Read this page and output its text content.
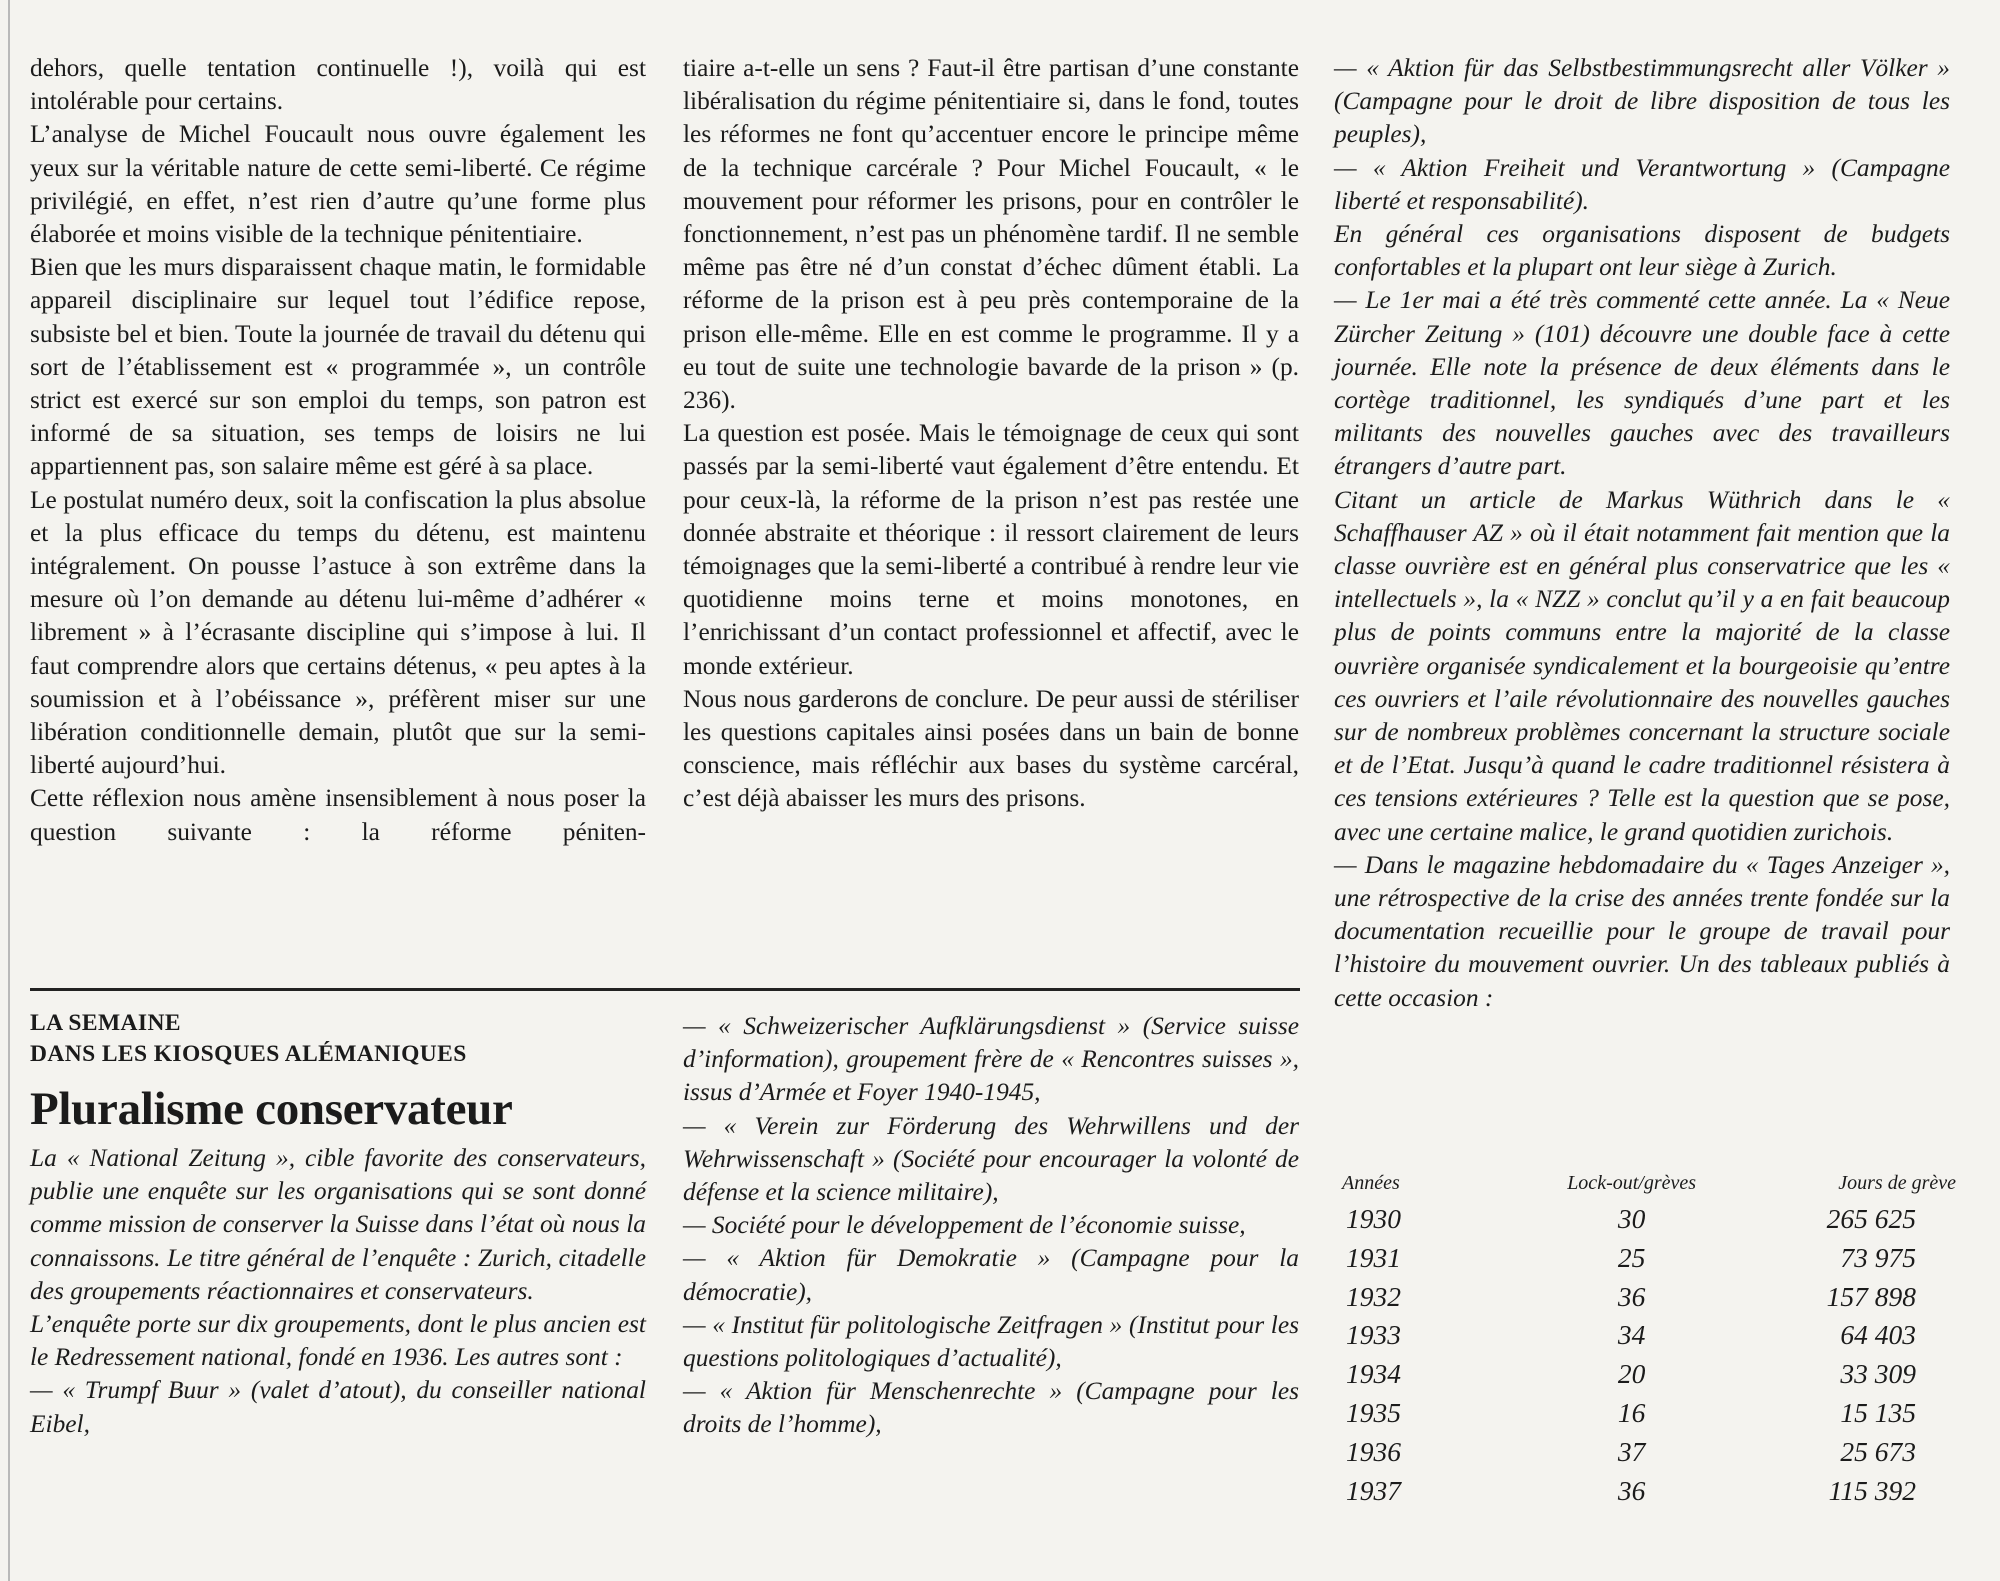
dehors, quelle tentation continuelle !), voilà qui est intolérable pour certains.

L’analyse de Michel Foucault nous ouvre également les yeux sur la véritable nature de cette semi-liberté. Ce régime privilégié, en effet, n’est rien d’autre qu’une forme plus élaborée et moins visible de la technique pénitentiaire.

Bien que les murs disparaissent chaque matin, le formidable appareil disciplinaire sur lequel tout l’édifice repose, subsiste bel et bien. Toute la journée de travail du détenu qui sort de l’établissement est « programmée », un contrôle strict est exercé sur son emploi du temps, son patron est informé de sa situation, ses temps de loisirs ne lui appartiennent pas, son salaire même est géré à sa place.

Le postulat numéro deux, soit la confiscation la plus absolue et la plus efficace du temps du détenu, est maintenu intégralement. On pousse l’astuce à son extrême dans la mesure où l’on demande au détenu lui-même d’adhérer « librement » à l’écrasante discipline qui s’impose à lui. Il faut comprendre alors que certains détenus, « peu aptes à la soumission et à l’obéissance », préfèrent miser sur une libération conditionnelle demain, plutôt que sur la semi-liberté aujourd’hui.

Cette réflexion nous amène insensiblement à nous poser la question suivante : la réforme péniten-

tiaire a-t-elle un sens ? Faut-il être partisan d’une constante libéralisation du régime pénitentiaire si, dans le fond, toutes les réformes ne font qu’accentuer encore le principe même de la technique carcérale ? Pour Michel Foucault, « le mouvement pour réformer les prisons, pour en contrôler le fonctionnement, n’est pas un phénomène tardif. Il ne semble même pas être né d’un constat d’échec dûment établi. La réforme de la prison est à peu près contemporaine de la prison elle-même. Elle en est comme le programme. Il y a eu tout de suite une technologie bavarde de la prison » (p. 236).

La question est posée. Mais le témoignage de ceux qui sont passés par la semi-liberté vaut également d’être entendu. Et pour ceux-là, la réforme de la prison n’est pas restée une donnée abstraite et théorique : il ressort clairement de leurs témoignages que la semi-liberté a contribué à rendre leur vie quotidienne moins terne et moins monotones, en l’enrichissant d’un contact professionnel et affectif, avec le monde extérieur.

Nous nous garderons de conclure. De peur aussi de stériliser les questions capitales ainsi posées dans un bain de bonne conscience, mais réfléchir aux bases du système carcéral, c’est déjà abaisser les murs des prisons.

— « Aktion für das Selbstbestimmungsrecht aller Völker » (Campagne pour le droit de libre disposition de tous les peuples),

— « Aktion Freiheit und Verantwortung » (Campagne liberté et responsabilité).

En général ces organisations disposent de budgets confortables et la plupart ont leur siège à Zurich.

— Le 1er mai a été très commenté cette année. La « Neue Zürcher Zeitung » (101) découvre une double face à cette journée. Elle note la présence de deux éléments dans le cortège traditionnel, les syndiqués d’une part et les militants des nouvelles gauches avec des travailleurs étrangers d’autre part.

Citant un article de Markus Wüthrich dans le « Schaffhauser AZ » où il était notamment fait mention que la classe ouvrière est en général plus conservatrice que les « intellectuels », la « NZZ » conclut qu’il y a en fait beaucoup plus de points communs entre la majorité de la classe ouvrière organisée syndicalement et la bourgeoisie qu’entre ces ouvriers et l’aile révolutionnaire des nouvelles gauches sur de nombreux problèmes concernant la structure sociale et de l’Etat. Jusqu’à quand le cadre traditionnel résistera à ces tensions extérieures ? Telle est la question que se pose, avec une certaine malice, le grand quotidien zurichois.

— Dans le magazine hebdomadaire du « Tages Anzeiger », une rétrospective de la crise des années trente fondée sur la documentation recueillie pour le groupe de travail pour l’histoire du mouvement ouvrier. Un des tableaux publiés à cette occasion :

LA SEMAINE
DANS LES KIOSQUES ALÉMANIQUES
Pluralisme conservateur

La « National Zeitung », cible favorite des conservateurs, publie une enquête sur les organisations qui se sont donné comme mission de conserver la Suisse dans l’état où nous la connaissons. Le titre général de l’enquête : Zurich, citadelle des groupements réactionnaires et conservateurs.

L’enquête porte sur dix groupements, dont le plus ancien est le Redressement national, fondé en 1936. Les autres sont :

— « Trumpf Buur » (valet d’atout), du conseiller national Eibel,

— « Schweizerischer Aufklärungsdienst » (Service suisse d’information), groupement frère de « Rencontres suisses », issus d’Armée et Foyer 1940-1945,

— « Verein zur Förderung des Wehrwillens und der Wehrwissenschaft » (Société pour encourager la volonté de défense et la science militaire),

— Société pour le développement de l’économie suisse,

— « Aktion für Demokratie » (Campagne pour la démocratie),

— « Institut für politologische Zeitfragen » (Institut pour les questions politologiques d’actualité),

— « Aktion für Menschenrechte » (Campagne pour les droits de l’homme),

Années	Lock-out/grèves	Jours de grève
1930	30	265 625
1931	25	73 975
1932	36	157 898
1933	34	64 403
1934	20	33 309
1935	16	15 135
1936	37	25 673
1937	36	115 392
